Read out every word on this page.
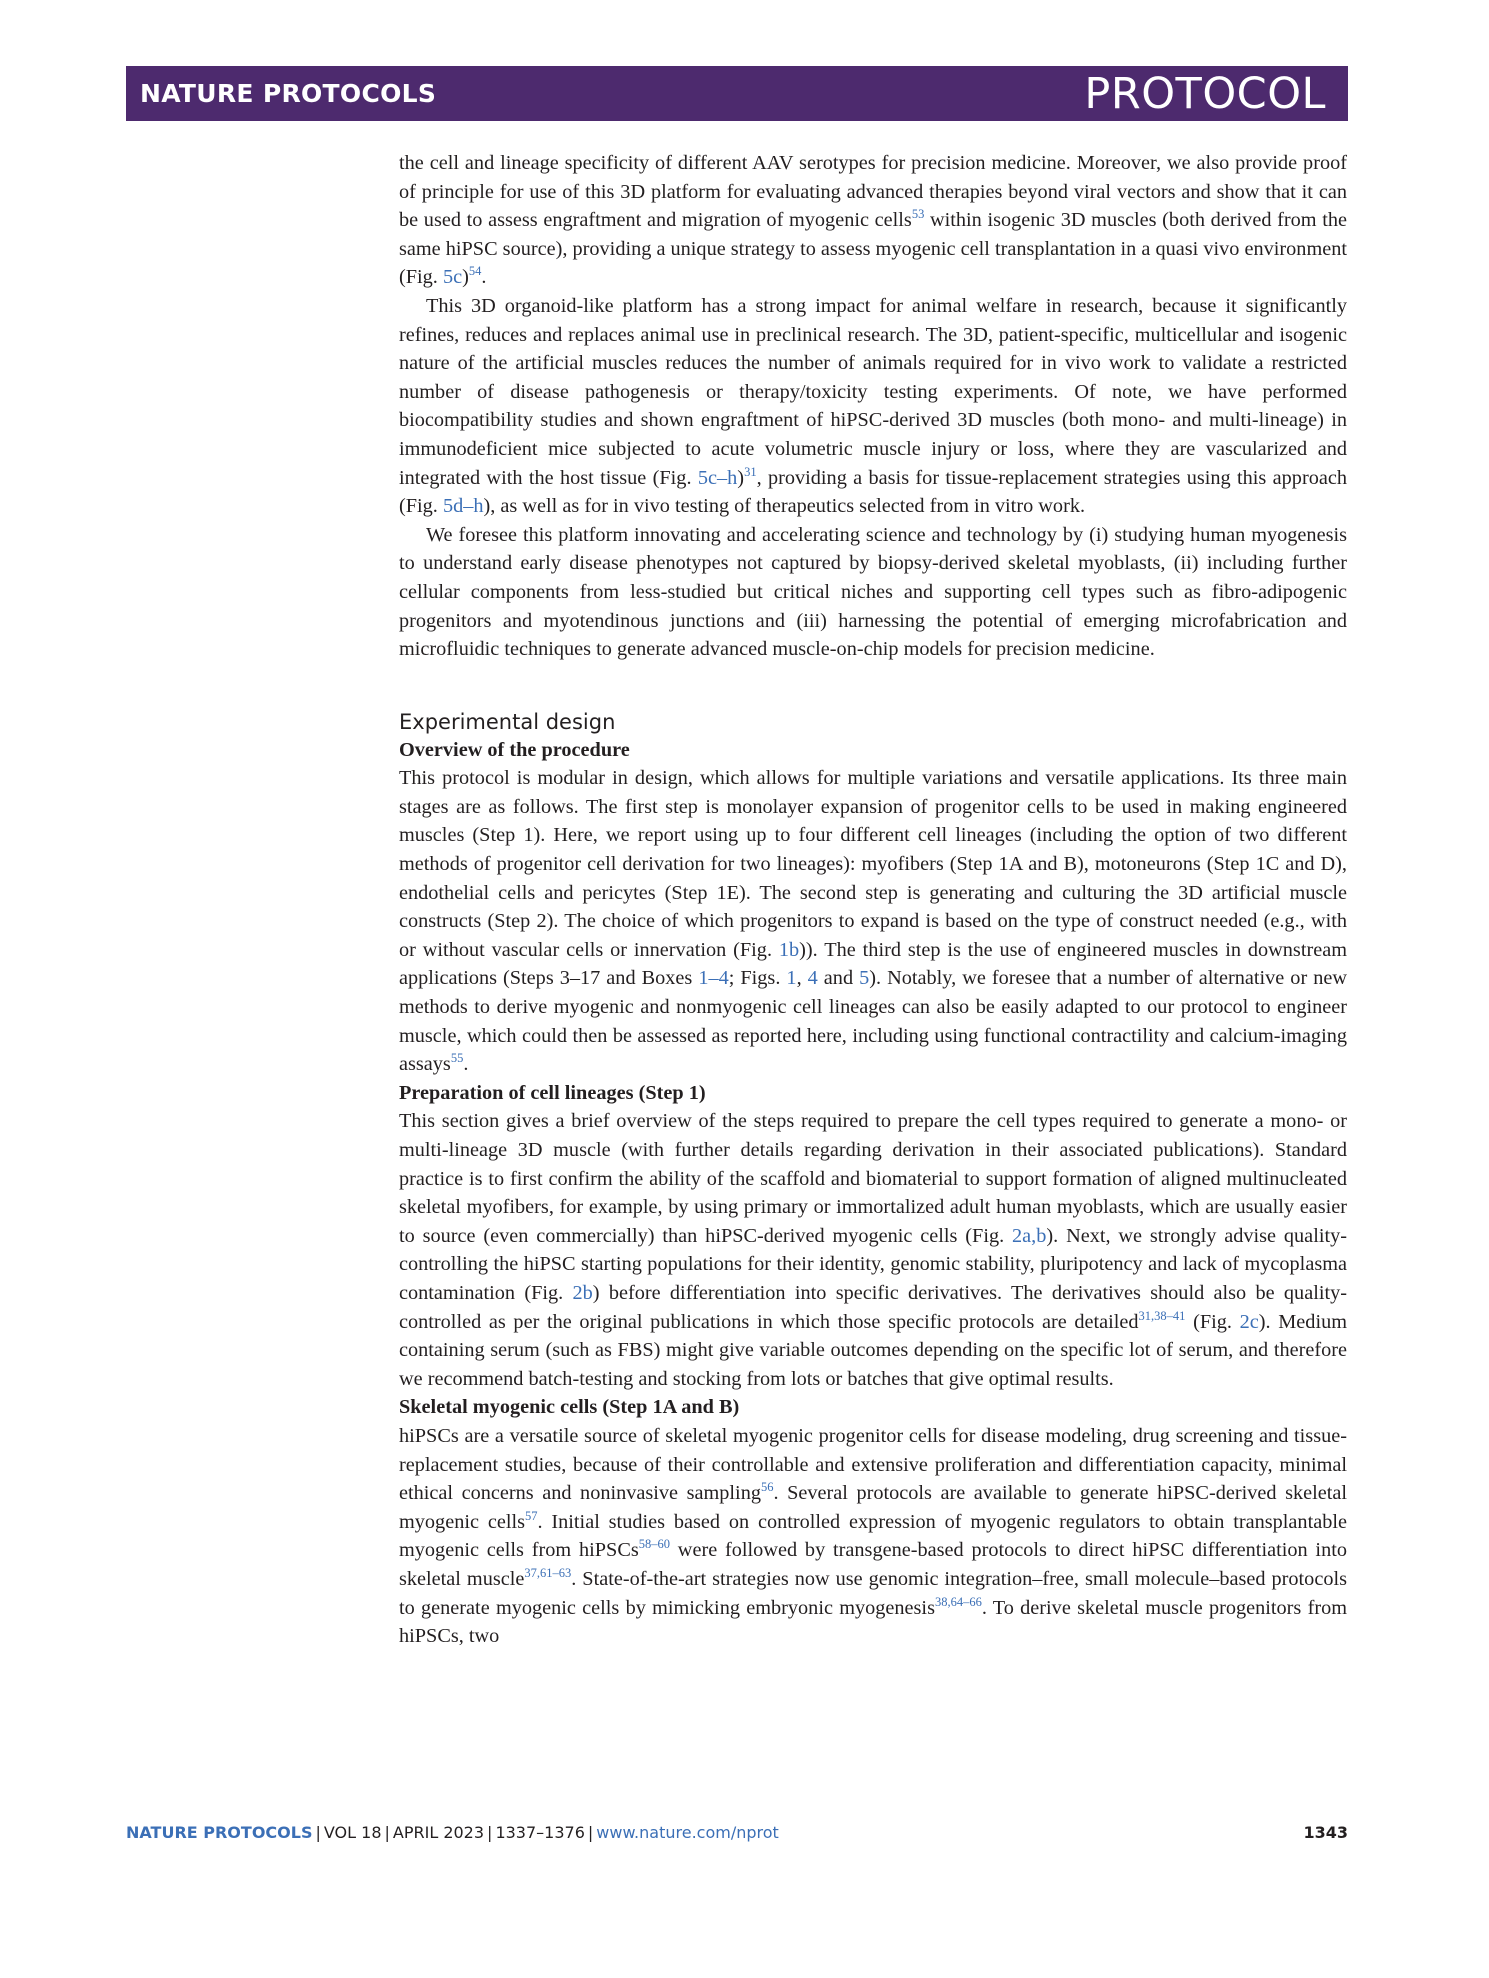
NATURE PROTOCOLS	PROTOCOL

the cell and lineage specificity of different AAV serotypes for precision medicine. Moreover, we also provide proof of principle for use of this 3D platform for evaluating advanced therapies beyond viral vectors and show that it can be used to assess engraftment and migration of myogenic cells$^{53}$ within isogenic 3D muscles (both derived from the same hiPSC source), providing a unique strategy to assess myogenic cell transplantation in a quasi vivo environment (Fig. 5c)$^{54}$.

This 3D organoid-like platform has a strong impact for animal welfare in research, because it significantly refines, reduces and replaces animal use in preclinical research. The 3D, patient-specific, multicellular and isogenic nature of the artificial muscles reduces the number of animals required for in vivo work to validate a restricted number of disease pathogenesis or therapy/toxicity testing experiments. Of note, we have performed biocompatibility studies and shown engraftment of hiPSC-derived 3D muscles (both mono- and multi-lineage) in immunodeficient mice subjected to acute volumetric muscle injury or loss, where they are vascularized and integrated with the host tissue (Fig. 5c–h)$^{31}$, providing a basis for tissue-replacement strategies using this approach (Fig. 5d–h), as well as for in vivo testing of therapeutics selected from in vitro work.

We foresee this platform innovating and accelerating science and technology by (i) studying human myogenesis to understand early disease phenotypes not captured by biopsy-derived skeletal myoblasts, (ii) including further cellular components from less-studied but critical niches and supporting cell types such as fibro-adipogenic progenitors and myotendinous junctions and (iii) harnessing the potential of emerging microfabrication and microfluidic techniques to generate advanced muscle-on-chip models for precision medicine.

Experimental design

Overview of the procedure

This protocol is modular in design, which allows for multiple variations and versatile applications. Its three main stages are as follows. The first step is monolayer expansion of progenitor cells to be used in making engineered muscles (Step 1). Here, we report using up to four different cell lineages (including the option of two different methods of progenitor cell derivation for two lineages): myofibers (Step 1A and B), motoneurons (Step 1C and D), endothelial cells and pericytes (Step 1E). The second step is generating and culturing the 3D artificial muscle constructs (Step 2). The choice of which progenitors to expand is based on the type of construct needed (e.g., with or without vascular cells or innervation (Fig. 1b)). The third step is the use of engineered muscles in downstream applications (Steps 3–17 and Boxes 1–4; Figs. 1, 4 and 5). Notably, we foresee that a number of alternative or new methods to derive myogenic and nonmyogenic cell lineages can also be easily adapted to our protocol to engineer muscle, which could then be assessed as reported here, including using functional contractility and calcium-imaging assays$^{55}$.

Preparation of cell lineages (Step 1)

This section gives a brief overview of the steps required to prepare the cell types required to generate a mono- or multi-lineage 3D muscle (with further details regarding derivation in their associated publications). Standard practice is to first confirm the ability of the scaffold and biomaterial to support formation of aligned multinucleated skeletal myofibers, for example, by using primary or immortalized adult human myoblasts, which are usually easier to source (even commercially) than hiPSC-derived myogenic cells (Fig. 2a,b). Next, we strongly advise quality-controlling the hiPSC starting populations for their identity, genomic stability, pluripotency and lack of mycoplasma contamination (Fig. 2b) before differentiation into specific derivatives. The derivatives should also be quality-controlled as per the original publications in which those specific protocols are detailed$^{31,38-41}$ (Fig. 2c). Medium containing serum (such as FBS) might give variable outcomes depending on the specific lot of serum, and therefore we recommend batch-testing and stocking from lots or batches that give optimal results.

Skeletal myogenic cells (Step 1A and B)

hiPSCs are a versatile source of skeletal myogenic progenitor cells for disease modeling, drug screening and tissue-replacement studies, because of their controllable and extensive proliferation and differentiation capacity, minimal ethical concerns and noninvasive sampling$^{56}$. Several protocols are available to generate hiPSC-derived skeletal myogenic cells$^{57}$. Initial studies based on controlled expression of myogenic regulators to obtain transplantable myogenic cells from hiPSCs$^{58-60}$ were followed by transgene-based protocols to direct hiPSC differentiation into skeletal muscle$^{37,61-63}$. State-of-the-art strategies now use genomic integration–free, small molecule–based protocols to generate myogenic cells by mimicking embryonic myogenesis$^{38,64-66}$. To derive skeletal muscle progenitors from hiPSCs, two

NATURE PROTOCOLS | VOL 18 | APRIL 2023 | 1337–1376 | www.nature.com/nprot	1343
